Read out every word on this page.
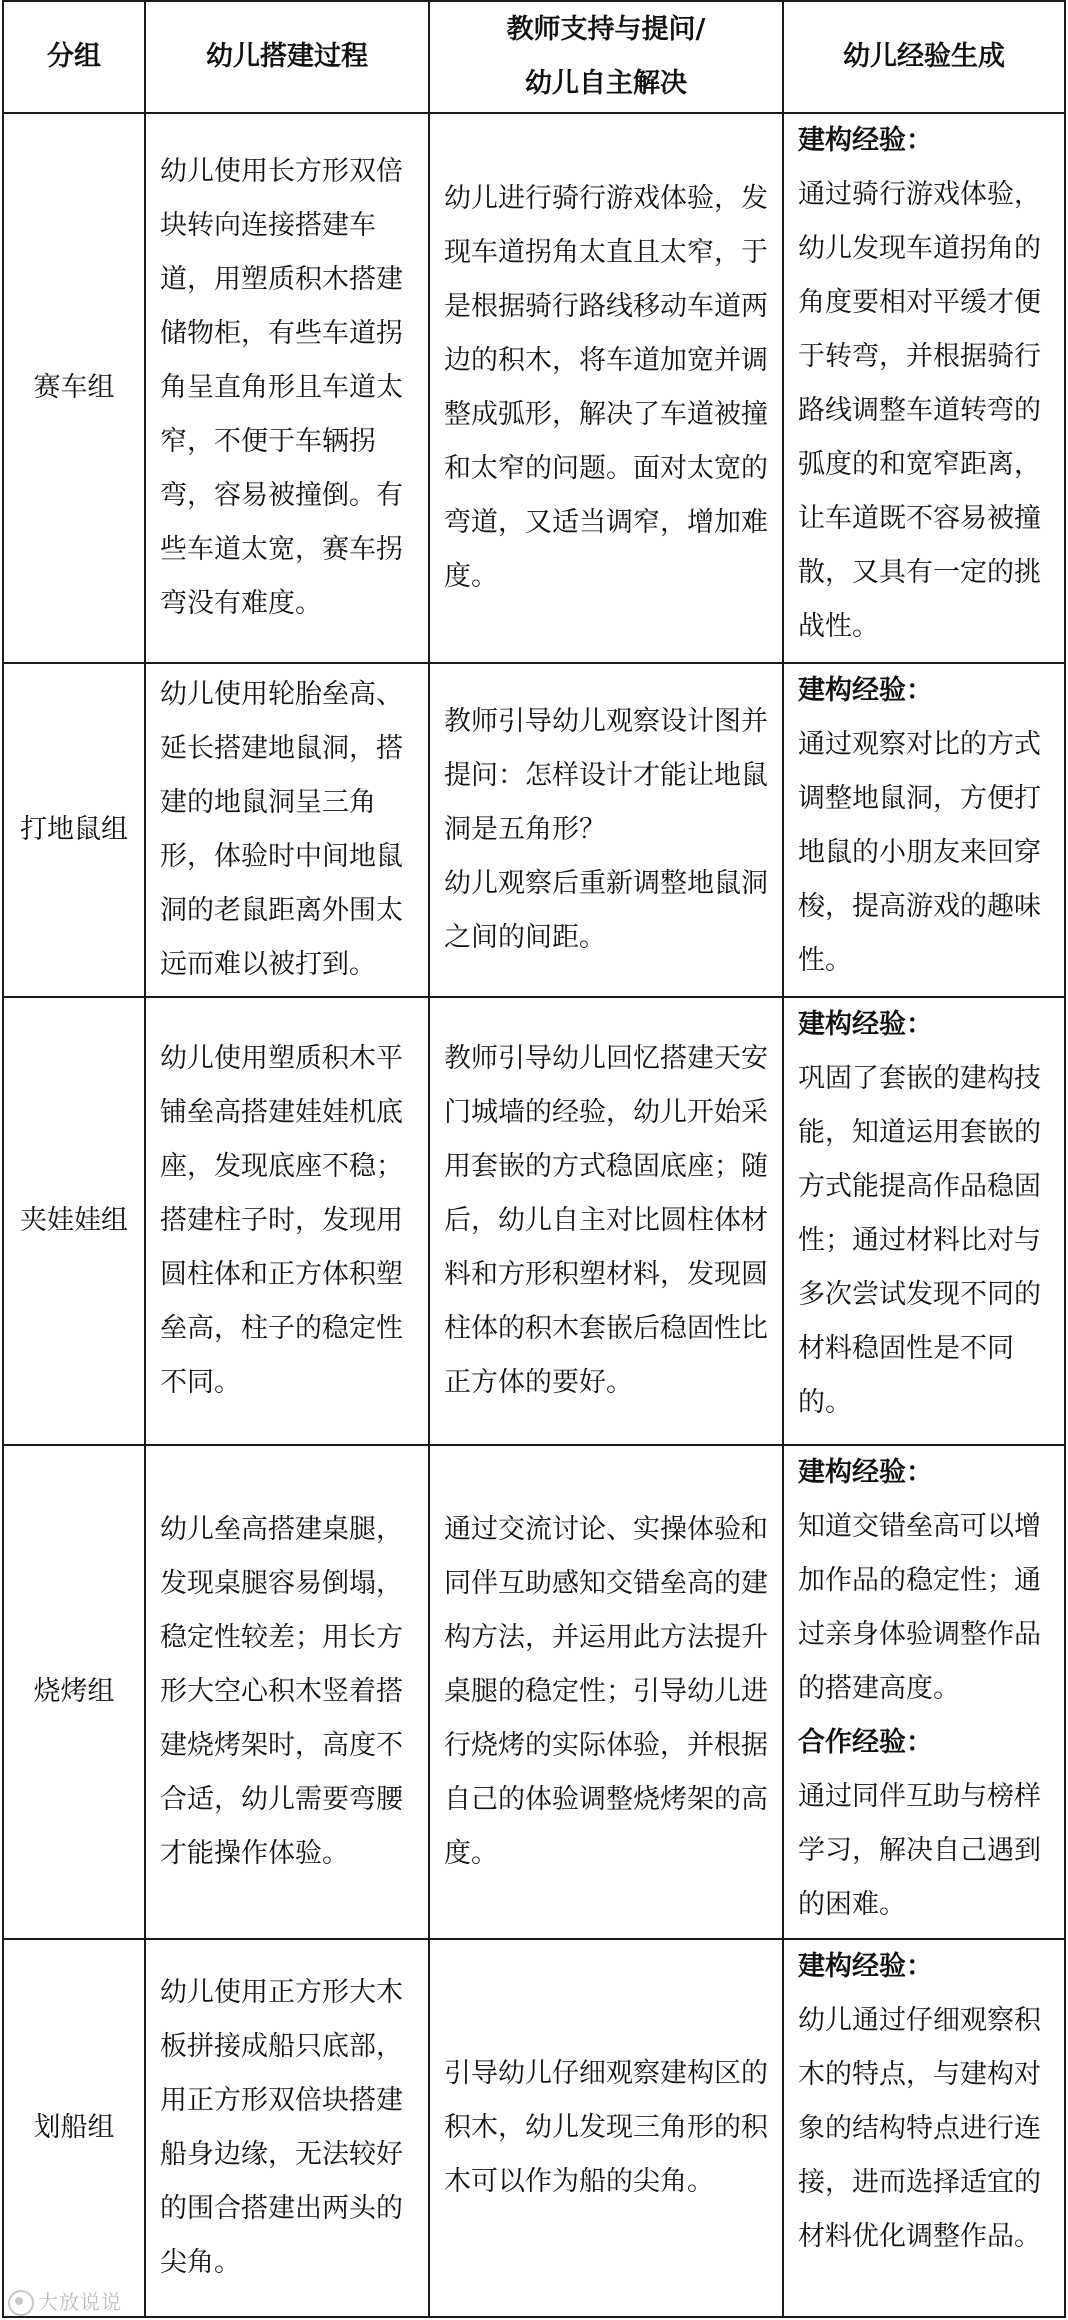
分组	幼儿搭建过程	教师支持与提问/
幼儿自主解决	幼儿经验生成
赛车组	幼儿使用长方形双倍块转向连接搭建车道，用塑质积木搭建储物柜，有些车道拐角呈直角形且车道太窄，不便于车辆拐弯，容易被撞倒。有些车道太宽，赛车拐弯没有难度。	幼儿进行骑行游戏体验，发现车道拐角太直且太窄，于是根据骑行路线移动车道两边的积木，将车道加宽并调整成弧形，解决了车道被撞和太窄的问题。面对太宽的弯道，又适当调窄，增加难度。	建构经验：
通过骑行游戏体验，幼儿发现车道拐角的角度要相对平缓才便于转弯，并根据骑行路线调整车道转弯的弧度的和宽窄距离，让车道既不容易被撞散，又具有一定的挑战性。

打地鼠组	幼儿使用轮胎垒高、延长搭建地鼠洞，搭建的地鼠洞呈三角形，体验时中间地鼠洞的老鼠距离外围太远而难以被打到。	教师引导幼儿观察设计图并提问：怎样设计才能让地鼠洞是五角形？
幼儿观察后重新调整地鼠洞之间的间距。	建构经验：
通过观察对比的方式调整地鼠洞，方便打地鼠的小朋友来回穿梭，提高游戏的趣味性。

夹娃娃组	幼儿使用塑质积木平铺垒高搭建娃娃机底座，发现底座不稳；搭建柱子时，发现用圆柱体和正方体积塑垒高，柱子的稳定性不同。	教师引导幼儿回忆搭建天安门城墙的经验，幼儿开始采用套嵌的方式稳固底座；随后，幼儿自主对比圆柱体材料和方形积塑材料，发现圆柱体的积木套嵌后稳固性比正方体的要好。	建构经验：
巩固了套嵌的建构技能，知道运用套嵌的方式能提高作品稳固性；通过材料比对与多次尝试发现不同的材料稳固性是不同的。

烧烤组	幼儿垒高搭建桌腿，发现桌腿容易倒塌，稳定性较差；用长方形大空心积木竖着搭建烧烤架时，高度不合适，幼儿需要弯腰才能操作体验。	通过交流讨论、实操体验和同伴互助感知交错垒高的建构方法，并运用此方法提升桌腿的稳定性；引导幼儿进行烧烤的实际体验，并根据自己的体验调整烧烤架的高度。	建构经验：
知道交错垒高可以增加作品的稳定性；通过亲身体验调整作品的搭建高度。
合作经验：
通过同伴互助与榜样学习，解决自己遇到的困难。

划船组	幼儿使用正方形大木板拼接成船只底部，用正方形双倍块搭建船身边缘，无法较好的围合搭建出两头的尖角。	引导幼儿仔细观察建构区的积木，幼儿发现三角形的积木可以作为船的尖角。	建构经验：
幼儿通过仔细观察积木的特点，与建构对象的结构特点进行连接，进而选择适宜的材料优化调整作品。
大放说说
